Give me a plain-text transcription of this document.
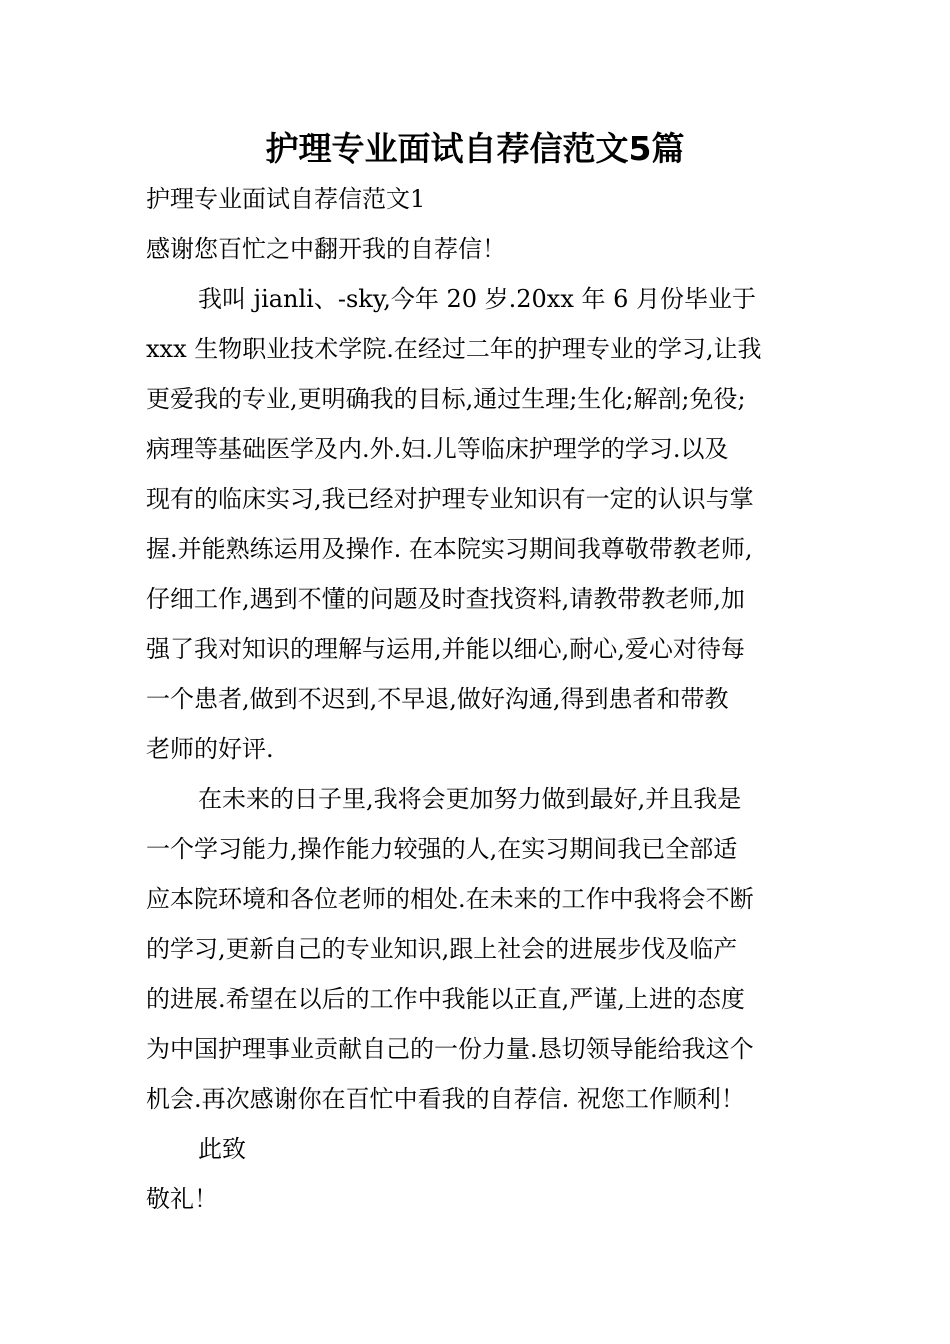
护理专业面试自荐信范文5篇
护理专业面试自荐信范文1
感谢您百忙之中翻开我的自荐信！
我叫 jianli、-sky,今年 20 岁.20xx 年 6 月份毕业于
xxx 生物职业技术学院.在经过二年的护理专业的学习,让我
更爱我的专业,更明确我的目标,通过生理;生化;解剖;免役;
病理等基础医学及内.外.妇.儿等临床护理学的学习.以及
现有的临床实习,我已经对护理专业知识有一定的认识与掌
握.并能熟练运用及操作. 在本院实习期间我尊敬带教老师,
仔细工作,遇到不懂的问题及时查找资料,请教带教老师,加
强了我对知识的理解与运用,并能以细心,耐心,爱心对待每
一个患者,做到不迟到,不早退,做好沟通,得到患者和带教
老师的好评.
在未来的日子里,我将会更加努力做到最好,并且我是
一个学习能力,操作能力较强的人,在实习期间我已全部适
应本院环境和各位老师的相处.在未来的工作中我将会不断
的学习,更新自己的专业知识,跟上社会的进展步伐及临产
的进展.希望在以后的工作中我能以正直,严谨,上进的态度
为中国护理事业贡献自己的一份力量.恳切领导能给我这个
机会.再次感谢你在百忙中看我的自荐信. 祝您工作顺利！
此致
敬礼！
